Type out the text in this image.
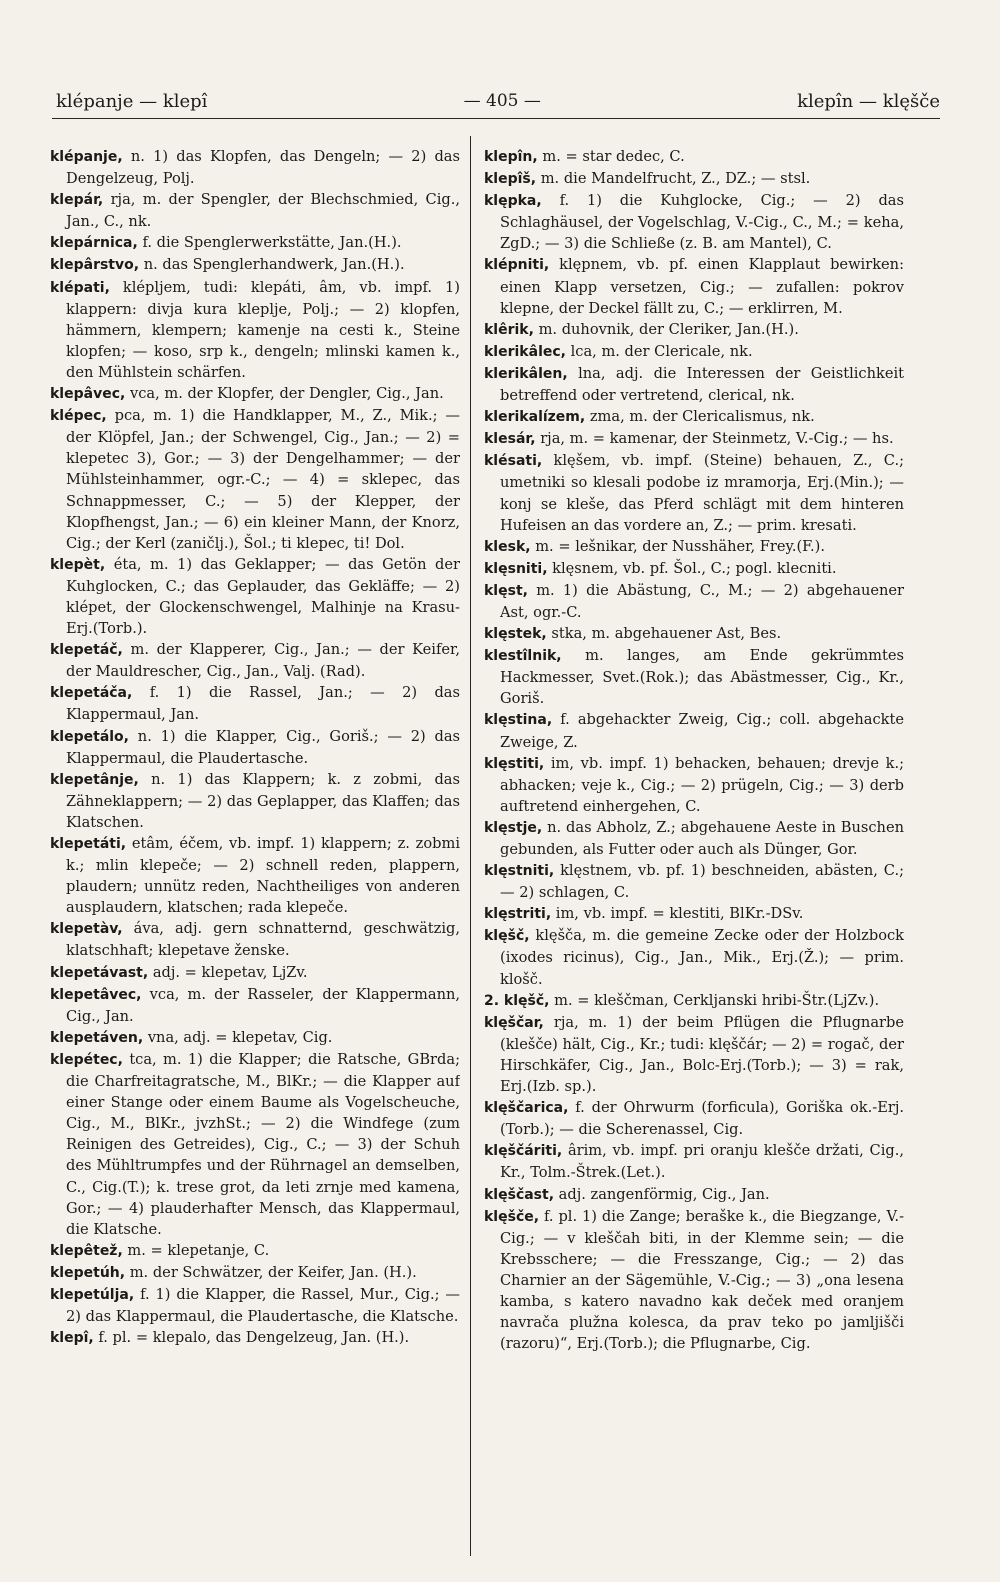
klépanje — klepî	— 405 —	klepîn — klęšče

klépanje, n. 1) das Klopfen, das Dengeln; — 2) das Dengelzeug, Polj.

klepár, rja, m. der Spengler, der Blechschmied, Cig., Jan., C., nk.

klepárnica, f. die Spenglerwerkstätte, Jan.(H.).

klepârstvo, n. das Spenglerhandwerk, Jan.(H.).

klépati, klépljem, tudi: klepáti, âm, vb. impf. 1) klappern: divja kura kleplje, Polj.; — 2) klopfen, hämmern, klempern; kamenje na cesti k., Steine klopfen; — koso, srp k., dengeln; mlinski kamen k., den Mühlstein schärfen.

klepâvec, vca, m. der Klopfer, der Dengler, Cig., Jan.

klépec, pca, m. 1) die Handklapper, M., Z., Mik.; — der Klöpfel, Jan.; der Schwengel, Cig., Jan.; — 2) = klepetec 3), Gor.; — 3) der Dengelhammer; — der Mühlsteinhammer, ogr.-C.; — 4) = sklepec, das Schnappmesser, C.; — 5) der Klepper, der Klopfhengst, Jan.; — 6) ein kleiner Mann, der Knorz, Cig.; der Kerl (zaničlj.), Šol.; ti klepec, ti! Dol.

klepèt, éta, m. 1) das Geklapper; — das Getön der Kuhglocken, C.; das Geplauder, das Gekläffe; — 2) klépet, der Glockenschwengel, Malhinje na Krasu-Erj.(Torb.).

klepetáč, m. der Klapperer, Cig., Jan.; — der Keifer, der Mauldrescher, Cig., Jan., Valj. (Rad).

klepetáča, f. 1) die Rassel, Jan.; — 2) das Klappermaul, Jan.

klepetálo, n. 1) die Klapper, Cig., Goriš.; — 2) das Klappermaul, die Plaudertasche.

klepetânje, n. 1) das Klappern; k. z zobmi, das Zähneklappern; — 2) das Geplapper, das Klaffen; das Klatschen.

klepetáti, etâm, éčem, vb. impf. 1) klappern; z. zobmi k.; mlin klepeče; — 2) schnell reden, plappern, plaudern; unnütz reden, Nachtheiliges von anderen ausplaudern, klatschen; rada klepeče.

klepetàv, áva, adj. gern schnatternd, geschwätzig, klatschhaft; klepetave ženske.

klepetávast, adj. = klepetav, LjZv.

klepetâvec, vca, m. der Rasseler, der Klappermann, Cig., Jan.

klepetáven, vna, adj. = klepetav, Cig.

klepétec, tca, m. 1) die Klapper; die Ratsche, GBrda; die Charfreitagratsche, M., BlKr.; — die Klapper auf einer Stange oder einem Baume als Vogelscheuche, Cig., M., BlKr., jvzhSt.; — 2) die Windfege (zum Reinigen des Getreides), Cig., C.; — 3) der Schuh des Mühltrumpfes und der Rührnagel an demselben, C., Cig.(T.); k. trese grot, da leti zrnje med kamena, Gor.; — 4) plauderhafter Mensch, das Klappermaul, die Klatsche.

klepêtež, m. = klepetanje, C.

klepetúh, m. der Schwätzer, der Keifer, Jan. (H.).

klepetúlja, f. 1) die Klapper, die Rassel, Mur., Cig.; — 2) das Klappermaul, die Plaudertasche, die Klatsche.

klepî, f. pl. = klepalo, das Dengelzeug, Jan. (H.).

klepîn, m. = star dedec, C.

klepîš, m. die Mandelfrucht, Z., DZ.; — stsl.

klępka, f. 1) die Kuhglocke, Cig.; — 2) das Schlaghäusel, der Vogelschlag, V.-Cig., C., M.; = keha, ZgD.; — 3) die Schließe (z. B. am Mantel), C.

klépniti, klępnem, vb. pf. einen Klapplaut bewirken: einen Klapp versetzen, Cig.; — zufallen: pokrov klepne, der Deckel fällt zu, C.; — erklirren, M.

klêrik, m. duhovnik, der Cleriker, Jan.(H.).

klerikâlec, lca, m. der Clericale, nk.

klerikâlen, lna, adj. die Interessen der Geistlichkeit betreffend oder vertretend, clerical, nk.

klerikalízem, zma, m. der Clericalismus, nk.

klesár, rja, m. = kamenar, der Steinmetz, V.-Cig.; — hs.

klésati, klęšem, vb. impf. (Steine) behauen, Z., C.; umetniki so klesali podobe iz mramorja, Erj.(Min.); — konj se kleše, das Pferd schlägt mit dem hinteren Hufeisen an das vordere an, Z.; — prim. kresati.

klesk, m. = lešnikar, der Nusshäher, Frey.(F.).

klęsniti, klęsnem, vb. pf. Šol., C.; pogl. klecniti.

klęst, m. 1) die Abästung, C., M.; — 2) abgehauener Ast, ogr.-C.

klęstek, stka, m. abgehauener Ast, Bes.

klestîlnik, m. langes, am Ende gekrümmtes Hackmesser, Svet.(Rok.); das Abästmesser, Cig., Kr., Goriš.

klęstina, f. abgehackter Zweig, Cig.; coll. abgehackte Zweige, Z.

klęstiti, im, vb. impf. 1) behacken, behauen; drevje k.; abhacken; veje k., Cig.; — 2) prügeln, Cig.; — 3) derb auftretend einhergehen, C.

klęstje, n. das Abholz, Z.; abgehauene Aeste in Buschen gebunden, als Futter oder auch als Dünger, Gor.

klęstniti, klęstnem, vb. pf. 1) beschneiden, abästen, C.; — 2) schlagen, C.

klęstriti, im, vb. impf. = klestiti, BlKr.-DSv.

klęšč, klęšča, m. die gemeine Zecke oder der Holzbock (ixodes ricinus), Cig., Jan., Mik., Erj.(Ž.); — prim. klošč.

2. klęšč, m. = kleščman, Cerkljanski hribi-Štr.(LjZv.).

klęščar, rja, m. 1) der beim Pflügen die Pflugnarbe (klešče) hält, Cig., Kr.; tudi: klęščár; — 2) = rogač, der Hirschkäfer, Cig., Jan., Bolc-Erj.(Torb.); — 3) = rak, Erj.(Izb. sp.).

klęščarica, f. der Ohrwurm (forficula), Goriška ok.-Erj.(Torb.); — die Scherenassel, Cig.

klęščáriti, ârim, vb. impf. pri oranju klešče držati, Cig., Kr., Tolm.-Štrek.(Let.).

klęščast, adj. zangenförmig, Cig., Jan.

klęšče, f. pl. 1) die Zange; beraške k., die Biegzange, V.-Cig.; — v kleščah biti, in der Klemme sein; — die Krebsschere; — die Fresszange, Cig.; — 2) das Charnier an der Sägemühle, V.-Cig.; — 3) „ona lesena kamba, s katero navadno kak deček med oranjem navrača plužna kolesca, da prav teko po jamljišči (razoru)“, Erj.(Torb.); die Pflugnarbe, Cig.
